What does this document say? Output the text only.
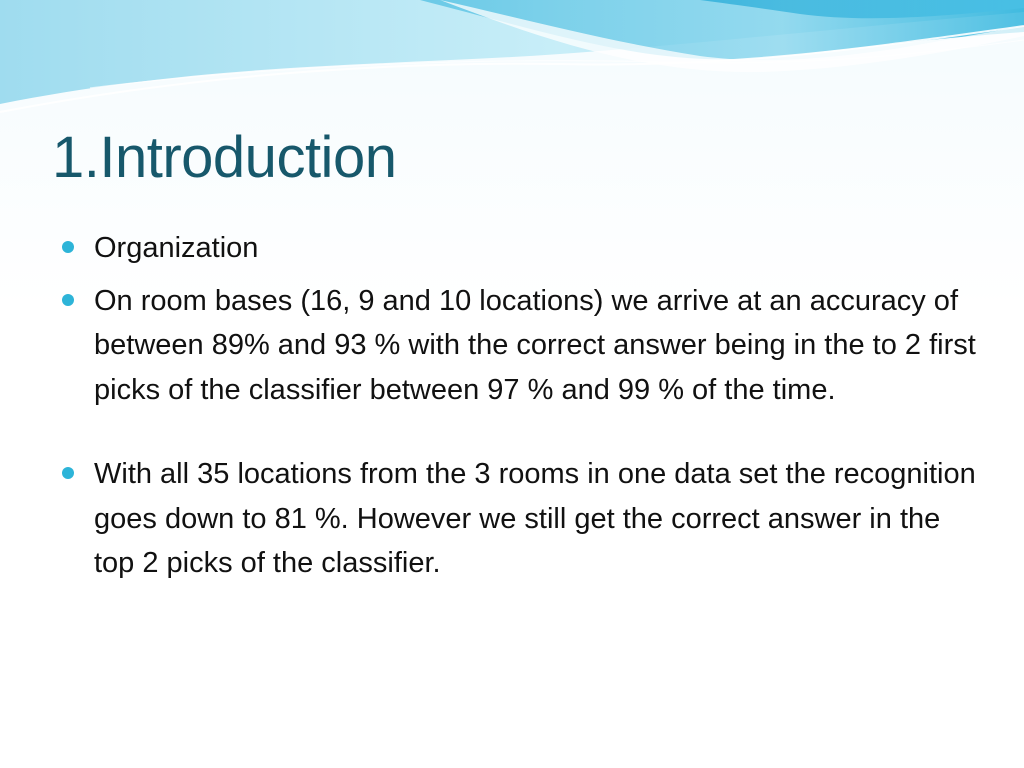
1.Introduction
Organization
On room bases (16, 9 and 10 locations) we arrive at an accuracy of between 89% and 93 % with the correct answer being in the to 2 first picks of the classifier between 97 % and 99 % of the time.
With all 35 locations from the 3 rooms in one data set the recognition goes down to 81 %. However we still get the correct answer in the top 2 picks of the classifier.
